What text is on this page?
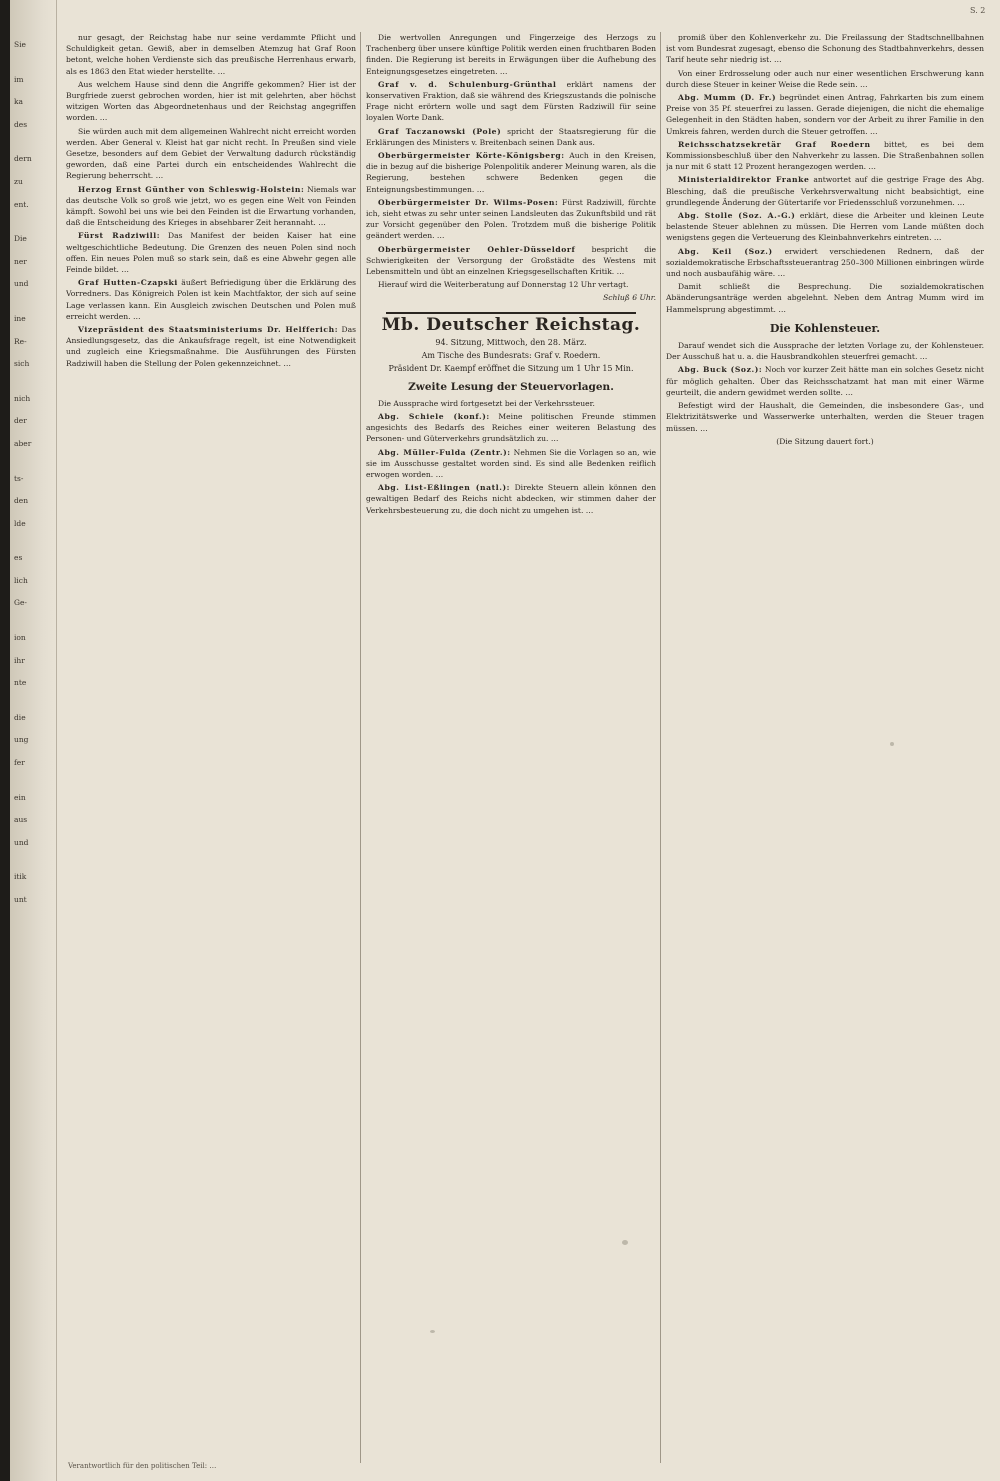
Sie
im
ka
des
dern
zu
ent.
Die
ner
und
ine
Re-
sich
nich
der
aber
ts-
den
lde
es
lich
Ge-
ion
ihr
nte
die
ung
fer
ein
aus
und
itik
unt
S. 2

nur gesagt, der Reichstag habe nur seine verdammte Pflicht und Schuldigkeit getan. Gewiß, aber in demselben Atemzug hat Graf Roon betont, welche hohen Verdienste sich das preußische Herrenhaus erwarb, als es 1863 den Etat wieder herstellte. …

Aus welchem Hause sind denn die Angriffe gekommen? Hier ist der Burgfriede zuerst gebrochen worden, hier ist mit gelehrten, aber höchst witzigen Worten das Abgeordnetenhaus und der Reichstag angegriffen worden. …

Sie würden auch mit dem allgemeinen Wahlrecht nicht erreicht worden werden. Aber General v. Kleist hat gar nicht recht. In Preußen sind viele Gesetze, besonders auf dem Gebiet der Verwaltung dadurch rückständig geworden, daß eine Partei durch ein entscheidendes Wahlrecht die Regierung beherrscht. …

Herzog Ernst Günther von Schleswig-Holstein: Niemals war das deutsche Volk so groß wie jetzt, wo es gegen eine Welt von Feinden kämpft. Sowohl bei uns wie bei den Feinden ist die Erwartung vorhanden, daß die Entscheidung des Krieges in absehbarer Zeit herannaht. …

Fürst Radziwill: Das Manifest der beiden Kaiser hat eine weltgeschichtliche Bedeutung. Die Grenzen des neuen Polen sind noch offen. Ein neues Polen muß so stark sein, daß es eine Abwehr gegen alle Feinde bildet. …

Graf Hutten-Czapski äußert Befriedigung über die Erklärung des Vorredners. Das Königreich Polen ist kein Machtfaktor, der sich auf seine Lage verlassen kann. Ein Ausgleich zwischen Deutschen und Polen muß erreicht werden. …

Vizepräsident des Staatsministeriums Dr. Helfferich: Das Ansiedlungsgesetz, das die Ankaufsfrage regelt, ist eine Notwendigkeit und zugleich eine Kriegsmaßnahme. Die Ausführungen des Fürsten Radziwill haben die Stellung der Polen gekennzeichnet. …

Die wertvollen Anregungen und Fingerzeige des Herzogs zu Trachenberg über unsere künftige Politik werden einen fruchtbaren Boden finden. Die Regierung ist bereits in Erwägungen über die Aufhebung des Enteignungsgesetzes eingetreten. …

Graf v. d. Schulenburg-Grünthal erklärt namens der konservativen Fraktion, daß sie während des Kriegszustands die polnische Frage nicht erörtern wolle und sagt dem Fürsten Radziwill für seine loyalen Worte Dank.

Graf Taczanowski (Pole) spricht der Staatsregierung für die Erklärungen des Ministers v. Breitenbach seinen Dank aus.

Oberbürgermeister Körte-Königsberg: Auch in den Kreisen, die in bezug auf die bisherige Polenpolitik anderer Meinung waren, als die Regierung, bestehen schwere Bedenken gegen die Enteignungsbestimmungen. …

Oberbürgermeister Dr. Wilms-Posen: Fürst Radziwill, fürchte ich, sieht etwas zu sehr unter seinen Landsleuten das Zukunftsbild und rät zur Vorsicht gegenüber den Polen. Trotzdem muß die bisherige Politik geändert werden. …

Oberbürgermeister Oehler-Düsseldorf bespricht die Schwierigkeiten der Versorgung der Großstädte des Westens mit Lebensmitteln und übt an einzelnen Kriegsgesellschaften Kritik. …

Hierauf wird die Weiterberatung auf Donnerstag 12 Uhr vertagt.

Schluß 6 Uhr.

Mb. Deutscher Reichstag.
94. Sitzung, Mittwoch, den 28. März.
Am Tische des Bundesrats: Graf v. Roedern.
Präsident Dr. Kaempf eröffnet die Sitzung um 1 Uhr 15 Min.
Zweite Lesung der Steuervorlagen.

Die Aussprache wird fortgesetzt bei der Verkehrssteuer.

Abg. Schiele (konf.): Meine politischen Freunde stimmen angesichts des Bedarfs des Reiches einer weiteren Belastung des Personen- und Güterverkehrs grundsätzlich zu. …

Abg. Müller-Fulda (Zentr.): Nehmen Sie die Vorlagen so an, wie sie im Ausschusse gestaltet worden sind. Es sind alle Bedenken reiflich erwogen worden. …

Abg. List-Eßlingen (natl.): Direkte Steuern allein können den gewaltigen Bedarf des Reichs nicht abdecken, wir stimmen daher der Verkehrsbesteuerung zu, die doch nicht zu umgehen ist. …

promiß über den Kohlenverkehr zu. Die Freilassung der Stadtschnellbahnen ist vom Bundesrat zugesagt, ebenso die Schonung des Stadtbahnverkehrs, dessen Tarif heute sehr niedrig ist. …

Von einer Erdrosselung oder auch nur einer wesentlichen Erschwerung kann durch diese Steuer in keiner Weise die Rede sein. …

Abg. Mumm (D. Fr.) begründet einen Antrag, Fahrkarten bis zum einem Preise von 35 Pf. steuerfrei zu lassen. Gerade diejenigen, die nicht die ehemalige Gelegenheit in den Städten haben, sondern vor der Arbeit zu ihrer Familie in den Umkreis fahren, werden durch die Steuer getroffen. …

Reichsschatzsekretär Graf Roedern bittet, es bei dem Kommissionsbeschluß über den Nahverkehr zu lassen. Die Straßenbahnen sollen ja nur mit 6 statt 12 Prozent herangezogen werden. …

Ministerialdirektor Franke antwortet auf die gestrige Frage des Abg. Blesching, daß die preußische Verkehrsverwaltung nicht beabsichtigt, eine grundlegende Änderung der Gütertarife vor Friedensschluß vorzunehmen. …

Abg. Stolle (Soz. A.-G.) erklärt, diese die Arbeiter und kleinen Leute belastende Steuer ablehnen zu müssen. Die Herren vom Lande müßten doch wenigstens gegen die Verteuerung des Kleinbahnverkehrs eintreten. …

Abg. Keil (Soz.) erwidert verschiedenen Rednern, daß der sozialdemokratische Erbschaftssteuerantrag 250–300 Millionen einbringen würde und noch ausbaufähig wäre. …

Damit schließt die Besprechung. Die sozialdemokratischen Abänderungsanträge werden abgelehnt. Neben dem Antrag Mumm wird im Hammelsprung abgestimmt. …

Die Kohlensteuer.

Darauf wendet sich die Aussprache der letzten Vorlage zu, der Kohlensteuer. Der Ausschuß hat u. a. die Hausbrandkohlen steuerfrei gemacht. …

Abg. Buck (Soz.): Noch vor kurzer Zeit hätte man ein solches Gesetz nicht für möglich gehalten. Über das Reichsschatzamt hat man mit einer Wärme geurteilt, die andern gewidmet werden sollte. …

Befestigt wird der Haushalt, die Gemeinden, die insbesondere Gas-, und Elektrizitätswerke und Wasserwerke unterhalten, werden die Steuer tragen müssen. …

(Die Sitzung dauert fort.)

Verantwortlich für den politischen Teil: …
